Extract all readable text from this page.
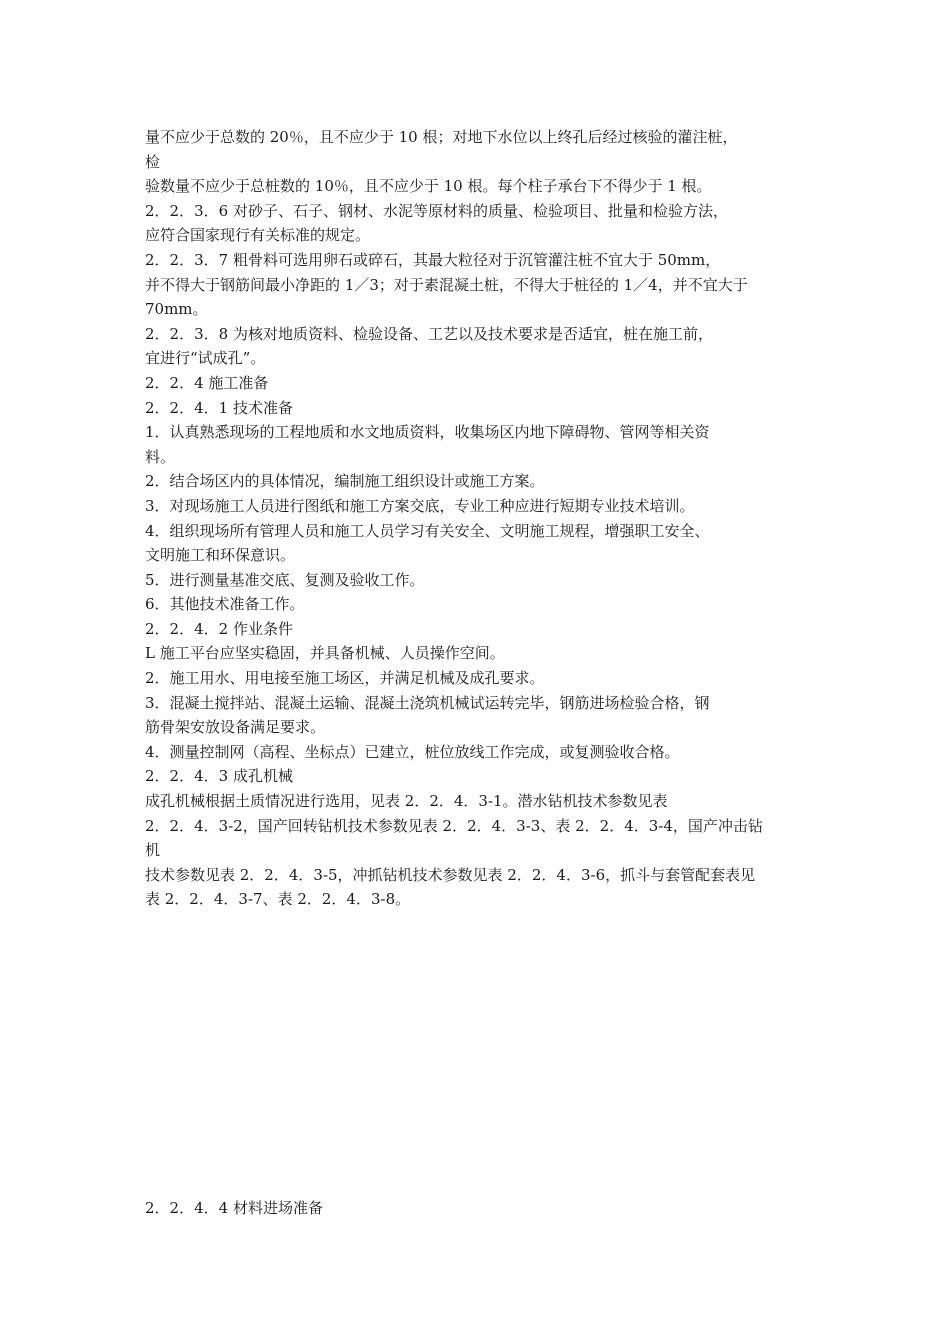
量不应少于总数的 20％，且不应少于 10 根；对地下水位以上终孔后经过核验的灌注桩，
检
验数量不应少于总桩数的 10％，且不应少于 10 根。每个柱子承台下不得少于 1 根。
2．2．3．6 对砂子、石子、钢材、水泥等原材料的质量、检验项目、批量和检验方法，
应符合国家现行有关标准的规定。
2．2．3．7 粗骨料可选用卵石或碎石，其最大粒径对于沉管灌注桩不宜大于 50mm，
并不得大于钢筋间最小净距的 1／3；对于素混凝土桩，不得大于桩径的 1／4，并不宜大于
70mm。
2．2．3．8 为核对地质资料、检验设备、工艺以及技术要求是否适宜，桩在施工前，
宜进行“试成孔”。
2．2．4 施工准备
2．2．4．1 技术准备
1．认真熟悉现场的工程地质和水文地质资料，收集场区内地下障碍物、管网等相关资
料。
2．结合场区内的具体情况，编制施工组织设计或施工方案。
3．对现场施工人员进行图纸和施工方案交底，专业工种应进行短期专业技术培训。
4．组织现场所有管理人员和施工人员学习有关安全、文明施工规程，增强职工安全、
文明施工和环保意识。
5．进行测量基准交底、复测及验收工作。
6．其他技术准备工作。
2．2．4．2 作业条件
L 施工平台应坚实稳固，并具备机械、人员操作空间。
2．施工用水、用电接至施工场区，并满足机械及成孔要求。
3．混凝土搅拌站、混凝土运输、混凝土浇筑机械试运转完毕，钢筋进场检验合格，钢
筋骨架安放设备满足要求。
4．测量控制网（高程、坐标点）已建立，桩位放线工作完成，或复测验收合格。
2．2．4．3 成孔机械
成孔机械根据土质情况进行选用，见表 2．2．4．3-1。潜水钻机技术参数见表
2．2．4．3-2，国产回转钻机技术参数见表 2．2．4．3-3、表 2．2．4．3-4，国产冲击钻
机
技术参数见表 2．2．4．3-5，冲抓钻机技术参数见表 2．2．4．3-6，抓斗与套管配套表见
表 2．2．4．3-7、表 2．2．4．3-8。
2．2．4．4 材料进场准备
